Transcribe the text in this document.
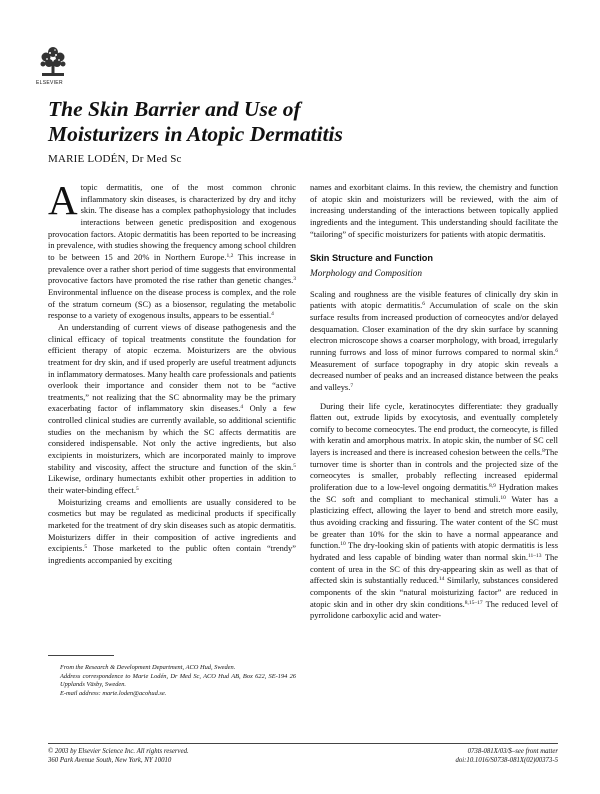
ELSEVIER
The Skin Barrier and Use of
Moisturizers in Atopic Dermatitis
MARIE LODÉN, Dr Med Sc

Atopic dermatitis, one of the most common chronic inflammatory skin diseases, is characterized by dry and itchy skin. The disease has a complex pathophysiology that includes interactions between genetic predisposition and exogenous provocation factors. Atopic dermatitis has been reported to be increasing in prevalence, with studies showing the frequency among school children to be between 15 and 20% in Northern Europe.$^{1,2}$ This increase in prevalence over a rather short period of time suggests that environmental provocative factors have promoted the rise rather than genetic changes.$^3$ Environmental influence on the disease process is complex, and the role of the stratum corneum (SC) as a biosensor, regulating the metabolic response to a variety of exogenous insults, appears to be essential.$^4$

An understanding of current views of disease pathogenesis and the clinical efficacy of topical treatments constitute the foundation for efficient therapy of atopic eczema. Moisturizers are the obvious treatment for dry skin, and if used properly are useful treatment adjuncts in inflammatory dermatoses. Many health care professionals and patients overlook their importance and consider them not to be “active treatments,” not realizing that the SC abnormality may be the primary exacerbating factor of inflammatory skin diseases.$^4$ Only a few controlled clinical studies are currently available, so additional scientific studies on the mechanism by which the SC affects dermatitis are considered indispensable. Not only the active ingredients, but also excipients in moisturizers, which are incorporated mainly to improve stability and viscosity, affect the structure and function of the skin.$^5$ Likewise, ordinary humectants exhibit other properties in addition to their water-binding effect.$^5$

Moisturizing creams and emollients are usually considered to be cosmetics but may be regulated as medicinal products if specifically marketed for the treatment of dry skin diseases such as atopic dermatitis. Moisturizers differ in their composition of active ingredients and excipients.$^5$ Those marketed to the public often contain “trendy” ingredients accompanied by exciting

names and exorbitant claims. In this review, the chemistry and function of atopic skin and moisturizers will be reviewed, with the aim of increasing understanding of the interactions between topically applied ingredients and the integument. This understanding should facilitate the “tailoring” of specific moisturizers for patients with atopic dermatitis.

Skin Structure and Function
Morphology and Composition

Scaling and roughness are the visible features of clinically dry skin in patients with atopic dermatitis.$^6$ Accumulation of scale on the skin surface results from increased production of corneocytes and/or delayed desquamation. Closer examination of the dry skin surface by scanning electron microscope shows a coarser morphology, with broad, irregularly running furrows and loss of minor furrows compared to normal skin.$^6$ Measurement of surface topography in dry atopic skin reveals a decreased number of peaks and an increased distance between the peaks and valleys.$^7$

During their life cycle, keratinocytes differentiate: they gradually flatten out, extrude lipids by exocytosis, and eventually completely cornify to become corneocytes. The end product, the corneocyte, is filled with keratin and amorphous matrix. In atopic skin, the number of SC cell layers is increased and there is increased cohesion between the cells.$^8$The turnover time is shorter than in controls and the projected size of the corneocytes is smaller, probably reflecting increased epidermal proliferation due to a low-level ongoing dermatitis.$^{8,9}$ Hydration makes the SC soft and compliant to mechanical stimuli.$^{10}$ Water has a plasticizing effect, allowing the layer to bend and stretch more easily, thus avoiding cracking and fissuring. The water content of the SC must be greater than 10% for the skin to have a normal appearance and function.$^{10}$ The dry-looking skin of patients with atopic dermatitis is less hydrated and less capable of binding water than normal skin.$^{11-13}$ The content of urea in the SC of this dry-appearing skin as well as that of affected skin is substantially reduced.$^{14}$ Similarly, substances considered components of the skin “natural moisturizing factor” are reduced in atopic skin and in other dry skin conditions.$^{8,15-17}$ The reduced level of pyrrolidone carboxylic acid and water-

From the Research & Development Department, ACO Hud, Sweden.
Address correspondence to Marie Lodén, Dr Med Sc, ACO Hud AB, Box 622, SE-194 26 Upplands Väsby, Sweden.
E-mail address: marie.loden@acohud.se.
© 2003 by Elsevier Science Inc. All rights reserved.
360 Park Avenue South, New York, NY 10010
0738-081X/03/$–see front matter
doi:10.1016/S0738-081X(02)00373-5
